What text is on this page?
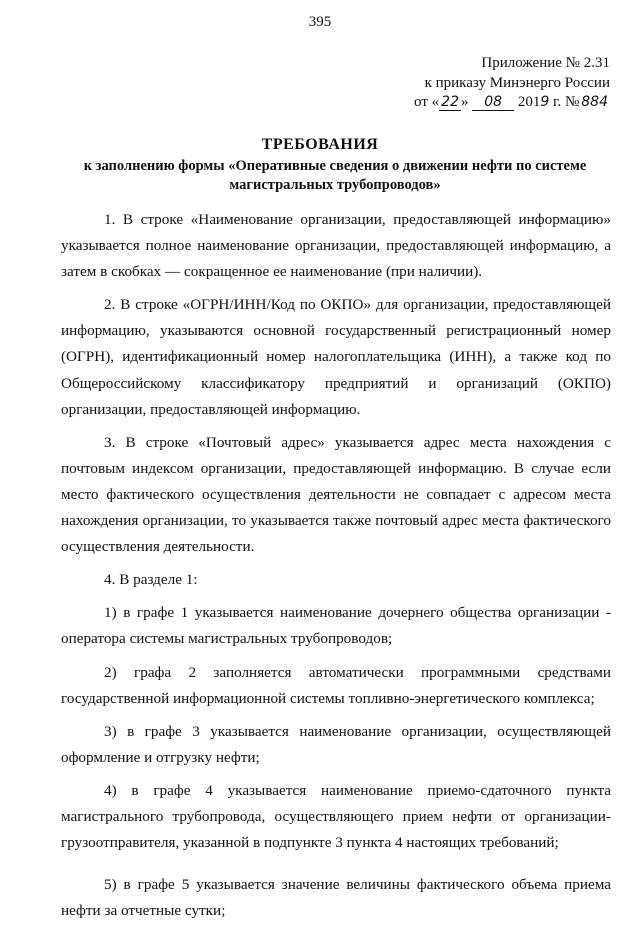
395
Приложение № 2.31
к приказу Минэнерго России
от « 22 » 08 2019 г. № 884
ТРЕБОВАНИЯ
к заполнению формы «Оперативные сведения о движении нефти по системе магистральных трубопроводов»

1. В строке «Наименование организации, предоставляющей информацию» указывается полное наименование организации, предоставляющей информацию, а затем в скобках — сокращенное ее наименование (при наличии).

2. В строке «ОГРН/ИНН/Код по ОКПО» для организации, предоставляющей информацию, указываются основной государственный регистрационный номер (ОГРН), идентификационный номер налогоплательщика (ИНН), а также код по Общероссийскому классификатору предприятий и организаций (ОКПО) организации, предоставляющей информацию.

3. В строке «Почтовый адрес» указывается адрес места нахождения с почтовым индексом организации, предоставляющей информацию. В случае если место фактического осуществления деятельности не совпадает с адресом места нахождения организации, то указывается также почтовый адрес места фактического осуществления деятельности.

4. В разделе 1:

1) в графе 1 указывается наименование дочернего общества организации - оператора системы магистральных трубопроводов;

2) графа 2 заполняется автоматически программными средствами государственной информационной системы топливно-энергетического комплекса;

3) в графе 3 указывается наименование организации, осуществляющей оформление и отгрузку нефти;

4) в графе 4 указывается наименование приемо-сдаточного пункта магистрального трубопровода, осуществляющего прием нефти от организации-грузоотправителя, указанной в подпункте 3 пункта 4 настоящих требований;

5) в графе 5 указывается значение величины фактического объема приема нефти за отчетные сутки;
